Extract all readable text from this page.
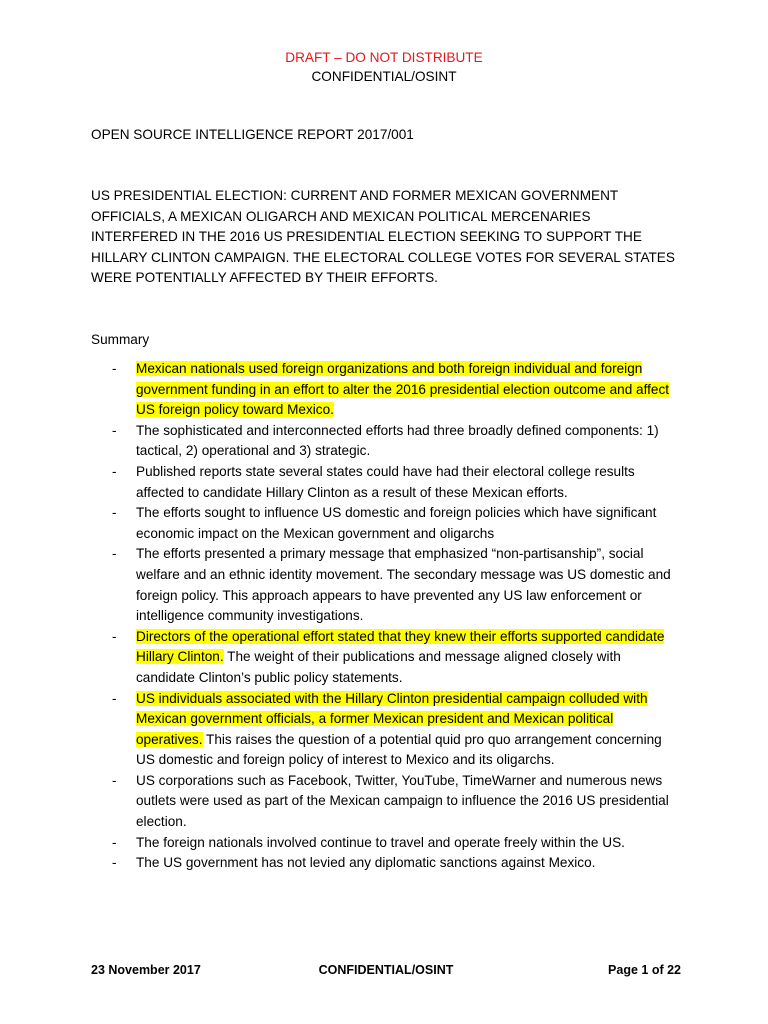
DRAFT – DO NOT DISTRIBUTE
CONFIDENTIAL/OSINT
OPEN SOURCE INTELLIGENCE REPORT 2017/001
US PRESIDENTIAL ELECTION: CURRENT AND FORMER MEXICAN GOVERNMENT OFFICIALS, A MEXICAN OLIGARCH AND MEXICAN POLITICAL MERCENARIES INTERFERED IN THE 2016 US PRESIDENTIAL ELECTION SEEKING TO SUPPORT THE HILLARY CLINTON CAMPAIGN. THE ELECTORAL COLLEGE VOTES FOR SEVERAL STATES WERE POTENTIALLY AFFECTED BY THEIR EFFORTS.
Summary
- Mexican nationals used foreign organizations and both foreign individual and foreign government funding in an effort to alter the 2016 presidential election outcome and affect US foreign policy toward Mexico.
- The sophisticated and interconnected efforts had three broadly defined components: 1) tactical, 2) operational and 3) strategic.
- Published reports state several states could have had their electoral college results affected to candidate Hillary Clinton as a result of these Mexican efforts.
- The efforts sought to influence US domestic and foreign policies which have significant economic impact on the Mexican government and oligarchs
- The efforts presented a primary message that emphasized “non-partisanship”, social welfare and an ethnic identity movement. The secondary message was US domestic and foreign policy. This approach appears to have prevented any US law enforcement or intelligence community investigations.
- Directors of the operational effort stated that they knew their efforts supported candidate Hillary Clinton. The weight of their publications and message aligned closely with candidate Clinton’s public policy statements.
- US individuals associated with the Hillary Clinton presidential campaign colluded with Mexican government officials, a former Mexican president and Mexican political operatives. This raises the question of a potential quid pro quo arrangement concerning US domestic and foreign policy of interest to Mexico and its oligarchs.
- US corporations such as Facebook, Twitter, YouTube, TimeWarner and numerous news outlets were used as part of the Mexican campaign to influence the 2016 US presidential election.
- The foreign nationals involved continue to travel and operate freely within the US.
- The US government has not levied any diplomatic sanctions against Mexico.
23 November 2017	CONFIDENTIAL/OSINT	Page 1 of 22
